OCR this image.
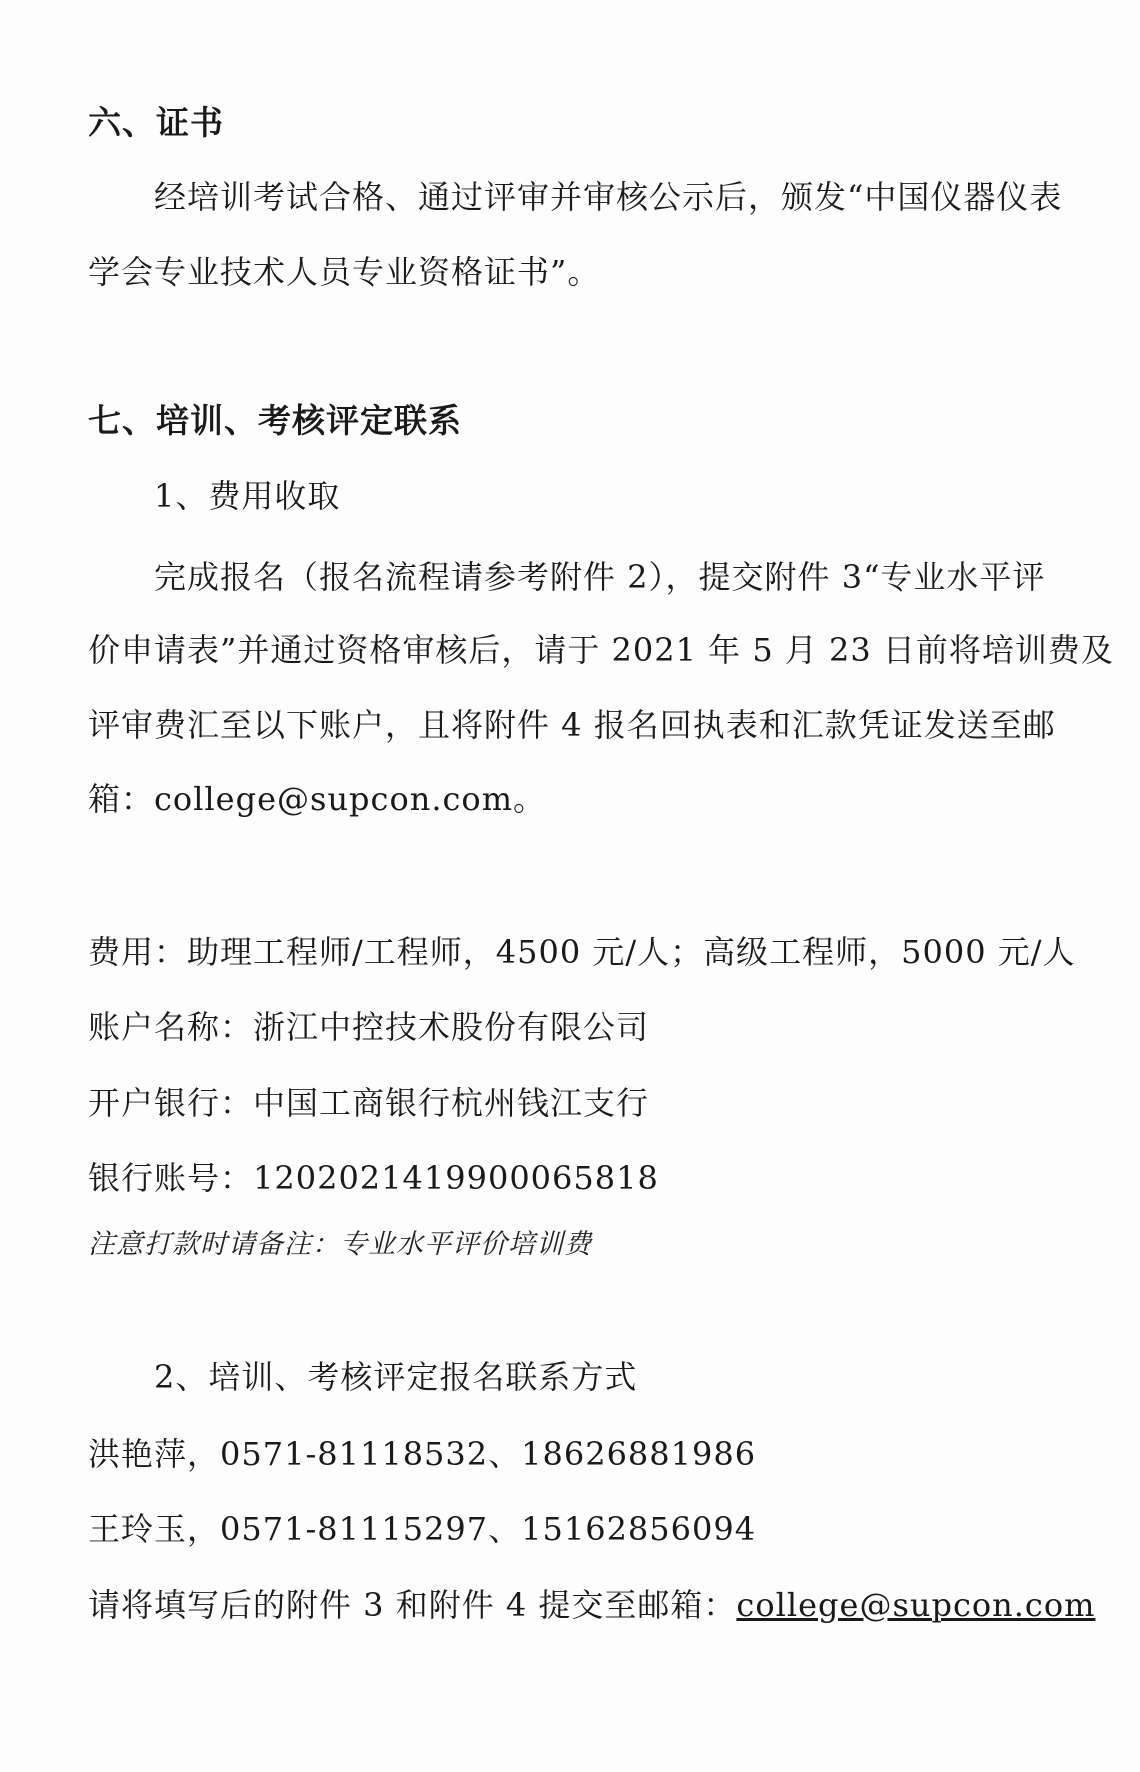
六、证书
经培训考试合格、通过评审并审核公示后，颁发“中国仪器仪表
学会专业技术人员专业资格证书”。
七、培训、考核评定联系
1、费用收取
完成报名（报名流程请参考附件 2），提交附件 3“专业水平评
价申请表”并通过资格审核后，请于 2021 年 5 月 23 日前将培训费及
评审费汇至以下账户，且将附件 4 报名回执表和汇款凭证发送至邮
箱：college@supcon.com。
费用：助理工程师/工程师，4500 元/人；高级工程师，5000 元/人
账户名称：浙江中控技术股份有限公司
开户银行：中国工商银行杭州钱江支行
银行账号：1202021419900065818
注意打款时请备注：专业水平评价培训费
2、培训、考核评定报名联系方式
洪艳萍，0571-81118532、18626881986
王玲玉，0571-81115297、15162856094
请将填写后的附件 3 和附件 4 提交至邮箱：college@supcon.com
